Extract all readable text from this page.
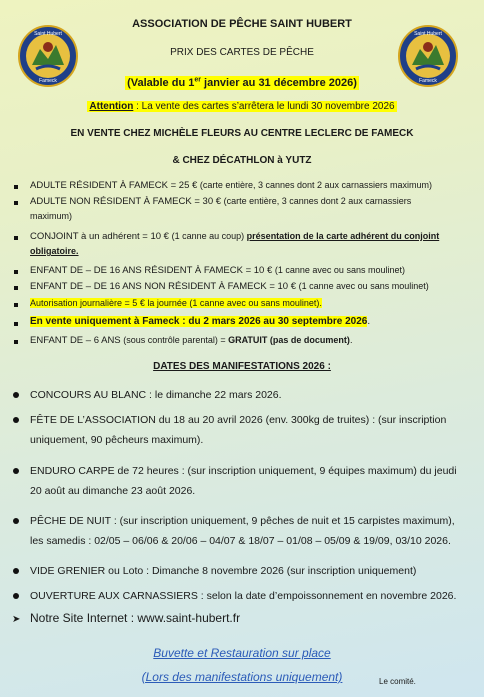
Saint Hubert
Fameck
Saint Hubert
Fameck
ASSOCIATION DE PÊCHE SAINT HUBERT
PRIX DES CARTES DE PÊCHE
(Valable du 1er janvier au 31 décembre 2026)
Attention : La vente des cartes s’arrêtera le lundi 30 novembre 2026
EN VENTE CHEZ MICHÈLE FLEURS AU CENTRE LECLERC DE FAMECK
& CHEZ DÉCATHLON à YUTZ
ADULTE RÉSIDENT À FAMECK = 25 € (carte entière, 3 cannes dont 2 aux carnassiers maximum)
ADULTE NON RÉSIDENT À FAMECK = 30 € (carte entière, 3 cannes dont 2 aux carnassiers
maximum)
CONJOINT à un adhérent = 10 € (1 canne au coup) présentation de la carte adhérent du conjoint
obligatoire.
ENFANT DE – DE 16 ANS RÉSIDENT À FAMECK = 10 € (1 canne avec ou sans moulinet)
ENFANT DE – DE 16 ANS NON RÉSIDENT À FAMECK = 10 € (1 canne avec ou sans moulinet)
Autorisation journalière = 5 € la journée (1 canne avec ou sans moulinet).
En vente uniquement à Fameck : du 2 mars 2026 au 30 septembre 2026.
ENFANT DE – 6 ANS (sous contrôle parental) = GRATUIT (pas de document).
DATES DES MANIFESTATIONS 2026 :
CONCOURS AU BLANC : le dimanche 22 mars 2026.
FÊTE DE L’ASSOCIATION du 18 au 20 avril 2026 (env. 300kg de truites) : (sur inscription
uniquement, 90 pêcheurs maximum).
ENDURO CARPE de 72 heures : (sur inscription uniquement, 9 équipes maximum) du jeudi
20 août au dimanche 23 août 2026.
PÊCHE DE NUIT : (sur inscription uniquement, 9 pêches de nuit et 15 carpistes maximum),
les samedis : 02/05 – 06/06 & 20/06 – 04/07 & 18/07 – 01/08 – 05/09 & 19/09, 03/10 2026.
VIDE GRENIER ou Loto : Dimanche 8 novembre 2026 (sur inscription uniquement)
OUVERTURE AUX CARNASSIERS : selon la date d’empoissonnement en novembre 2026.
➤ Notre Site Internet : www.saint-hubert.fr
Buvette et Restauration sur place
(Lors des manifestations uniquement)	Le comité.
